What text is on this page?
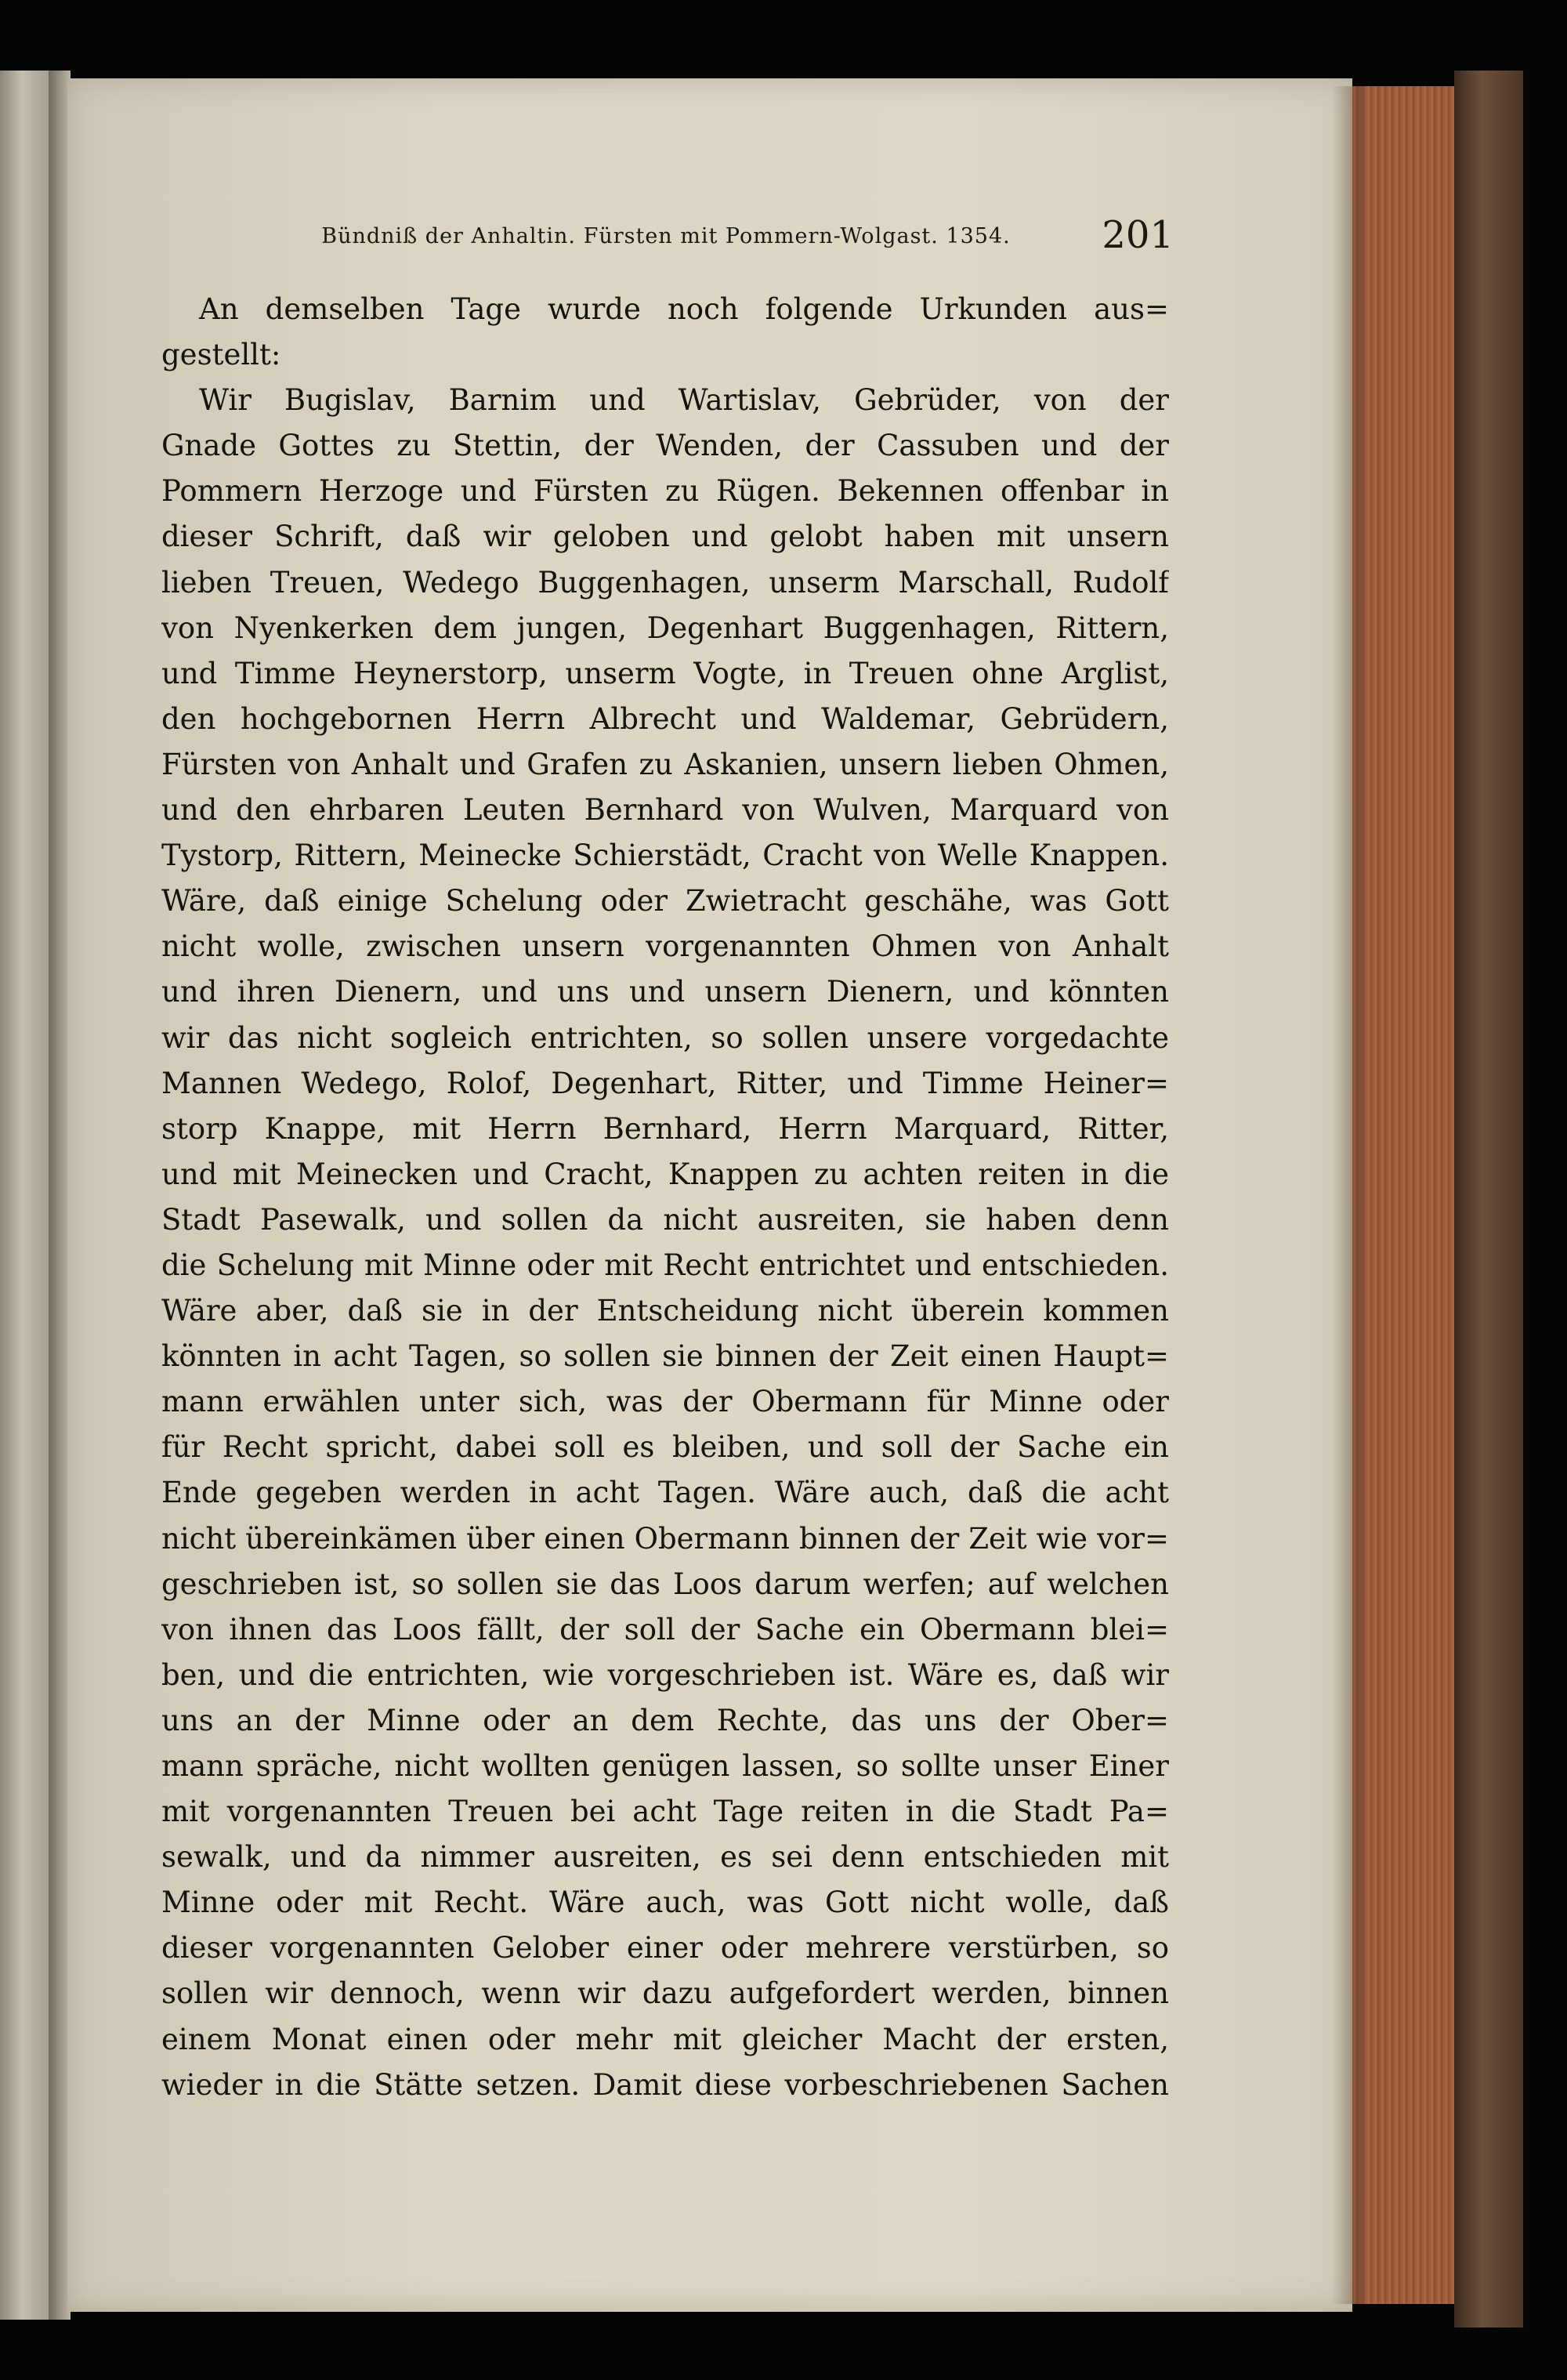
Bündniß der Anhaltin. Fürsten mit Pommern-Wolgast. 1354.	201
An demselben Tage wurde noch folgende Urkunden aus=
gestellt:
Wir Bugislav, Barnim und Wartislav, Gebrüder, von der
Gnade Gottes zu Stettin, der Wenden, der Cassuben und der
Pommern Herzoge und Fürsten zu Rügen. Bekennen offenbar in
dieser Schrift, daß wir geloben und gelobt haben mit unsern
lieben Treuen, Wedego Buggenhagen, unserm Marschall, Rudolf
von Nyenkerken dem jungen, Degenhart Buggenhagen, Rittern,
und Timme Heynerstorp, unserm Vogte, in Treuen ohne Arglist,
den hochgebornen Herrn Albrecht und Waldemar, Gebrüdern,
Fürsten von Anhalt und Grafen zu Askanien, unsern lieben Ohmen,
und den ehrbaren Leuten Bernhard von Wulven, Marquard von
Tystorp, Rittern, Meinecke Schierstädt, Cracht von Welle Knappen.
Wäre, daß einige Schelung oder Zwietracht geschähe, was Gott
nicht wolle, zwischen unsern vorgenannten Ohmen von Anhalt
und ihren Dienern, und uns und unsern Dienern, und könnten
wir das nicht sogleich entrichten, so sollen unsere vorgedachte
Mannen Wedego, Rolof, Degenhart, Ritter, und Timme Heiner=
storp Knappe, mit Herrn Bernhard, Herrn Marquard, Ritter,
und mit Meinecken und Cracht, Knappen zu achten reiten in die
Stadt Pasewalk, und sollen da nicht ausreiten, sie haben denn
die Schelung mit Minne oder mit Recht entrichtet und entschieden.
Wäre aber, daß sie in der Entscheidung nicht überein kommen
könnten in acht Tagen, so sollen sie binnen der Zeit einen Haupt=
mann erwählen unter sich, was der Obermann für Minne oder
für Recht spricht, dabei soll es bleiben, und soll der Sache ein
Ende gegeben werden in acht Tagen. Wäre auch, daß die acht
nicht übereinkämen über einen Obermann binnen der Zeit wie vor=
geschrieben ist, so sollen sie das Loos darum werfen; auf welchen
von ihnen das Loos fällt, der soll der Sache ein Obermann blei=
ben, und die entrichten, wie vorgeschrieben ist. Wäre es, daß wir
uns an der Minne oder an dem Rechte, das uns der Ober=
mann spräche, nicht wollten genügen lassen, so sollte unser Einer
mit vorgenannten Treuen bei acht Tage reiten in die Stadt Pa=
sewalk, und da nimmer ausreiten, es sei denn entschieden mit
Minne oder mit Recht. Wäre auch, was Gott nicht wolle, daß
dieser vorgenannten Gelober einer oder mehrere verstürben, so
sollen wir dennoch, wenn wir dazu aufgefordert werden, binnen
einem Monat einen oder mehr mit gleicher Macht der ersten,
wieder in die Stätte setzen. Damit diese vorbeschriebenen Sachen
